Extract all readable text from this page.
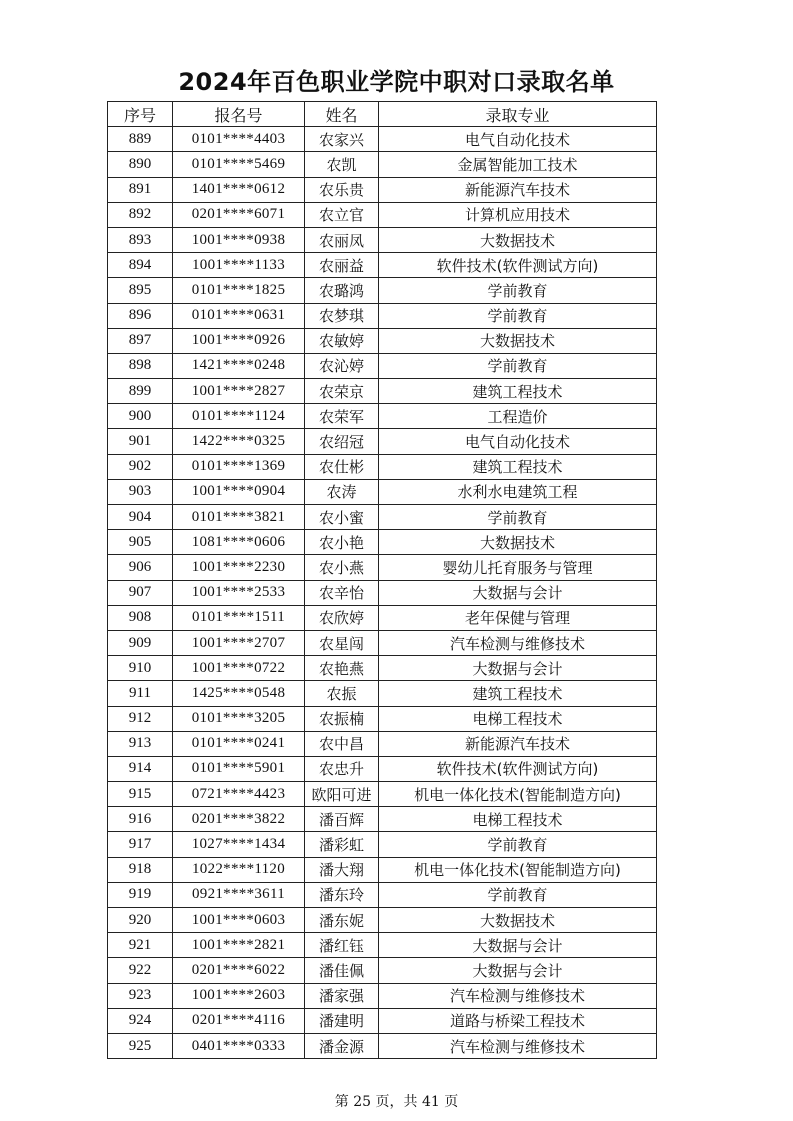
2024年百色职业学院中职对口录取名单
序号	报名号	姓名	录取专业
889	0101****4403	农家兴	电气自动化技术
890	0101****5469	农凯	金属智能加工技术
891	1401****0612	农乐贵	新能源汽车技术
892	0201****6071	农立官	计算机应用技术
893	1001****0938	农丽凤	大数据技术
894	1001****1133	农丽益	软件技术(软件测试方向)
895	0101****1825	农璐鸿	学前教育
896	0101****0631	农梦琪	学前教育
897	1001****0926	农敏婷	大数据技术
898	1421****0248	农沁婷	学前教育
899	1001****2827	农荣京	建筑工程技术
900	0101****1124	农荣军	工程造价
901	1422****0325	农绍冠	电气自动化技术
902	0101****1369	农仕彬	建筑工程技术
903	1001****0904	农涛	水利水电建筑工程
904	0101****3821	农小蜜	学前教育
905	1081****0606	农小艳	大数据技术
906	1001****2230	农小燕	婴幼儿托育服务与管理
907	1001****2533	农辛怡	大数据与会计
908	0101****1511	农欣婷	老年保健与管理
909	1001****2707	农星闯	汽车检测与维修技术
910	1001****0722	农艳燕	大数据与会计
911	1425****0548	农振	建筑工程技术
912	0101****3205	农振楠	电梯工程技术
913	0101****0241	农中昌	新能源汽车技术
914	0101****5901	农忠升	软件技术(软件测试方向)
915	0721****4423	欧阳可进	机电一体化技术(智能制造方向)
916	0201****3822	潘百辉	电梯工程技术
917	1027****1434	潘彩虹	学前教育
918	1022****1120	潘大翔	机电一体化技术(智能制造方向)
919	0921****3611	潘东玲	学前教育
920	1001****0603	潘东妮	大数据技术
921	1001****2821	潘红钰	大数据与会计
922	0201****6022	潘佳佩	大数据与会计
923	1001****2603	潘家强	汽车检测与维修技术
924	0201****4116	潘建明	道路与桥梁工程技术
925	0401****0333	潘金源	汽车检测与维修技术
第 25 页，共 41 页
